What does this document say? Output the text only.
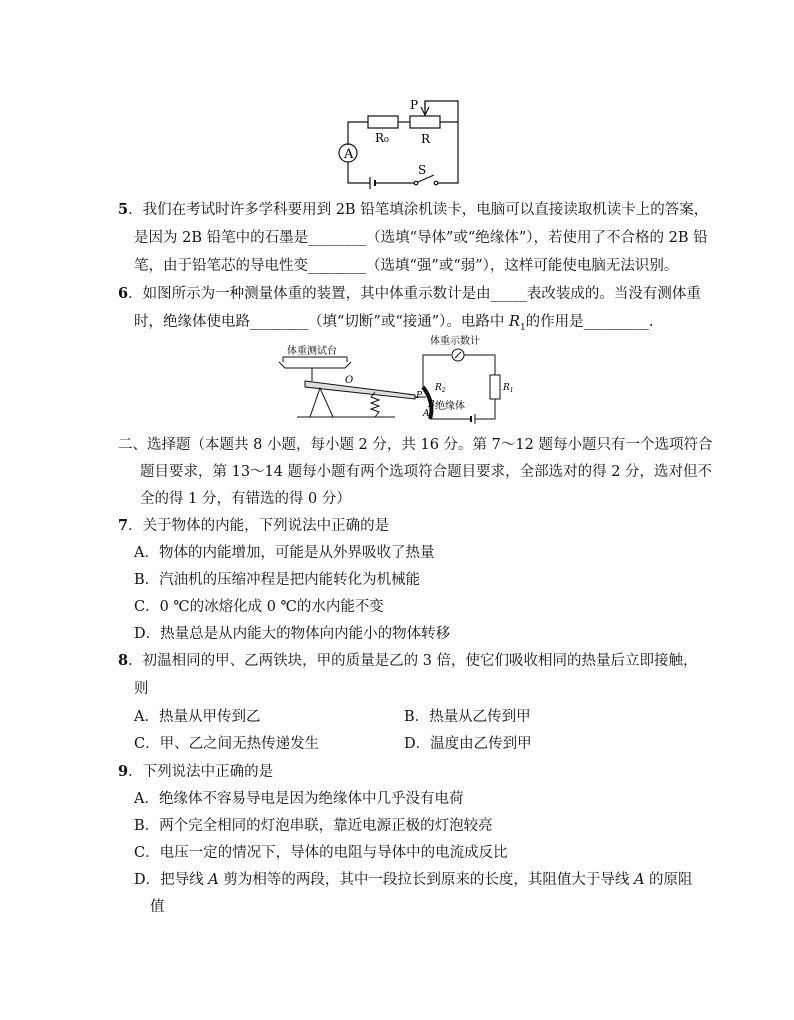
A
R₀
P
R
S
5．我们在考试时许多学科要用到 2B 铅笔填涂机读卡，电脑可以直接读取机读卡上的答案，
是因为 2B 铅笔中的石墨是________（选填“导体”或“绝缘体”），若使用了不合格的 2B 铅
笔，由于铅笔芯的导电性变________（选填“强”或“弱”），这样可能使电脑无法识别。
6．如图所示为一种测量体重的装置，其中体重示数计是由_____表改装成的。当没有测体重
时，绝缘体使电路________（填“切断”或“接通”）。电路中 $R_1$的作用是_________.
体重测试台
体重示数计
O
$R_2$	$R_1$
P
B
A
绝缘体
二、选择题（本题共 8 小题，每小题 2 分，共 16 分。第 7～12 题每小题只有一个选项符合
题目要求，第 13～14 题每小题有两个选项符合题目要求，全部选对的得 2 分，选对但不
全的得 1 分，有错选的得 0 分）
7．关于物体的内能，下列说法中正确的是
A．物体的内能增加，可能是从外界吸收了热量
B．汽油机的压缩冲程是把内能转化为机械能
C．0 ℃的冰熔化成 0 ℃的水内能不变
D．热量总是从内能大的物体向内能小的物体转移
8．初温相同的甲、乙两铁块，甲的质量是乙的 3 倍，使它们吸收相同的热量后立即接触，
则
A．热量从甲传到乙	B．热量从乙传到甲
C．甲、乙之间无热传递发生	D．温度由乙传到甲
9．下列说法中正确的是
A．绝缘体不容易导电是因为绝缘体中几乎没有电荷
B．两个完全相同的灯泡串联，靠近电源正极的灯泡较亮
C．电压一定的情况下，导体的电阻与导体中的电流成反比
D．把导线 A 剪为相等的两段，其中一段拉长到原来的长度，其阻值大于导线 A 的原阻
值
